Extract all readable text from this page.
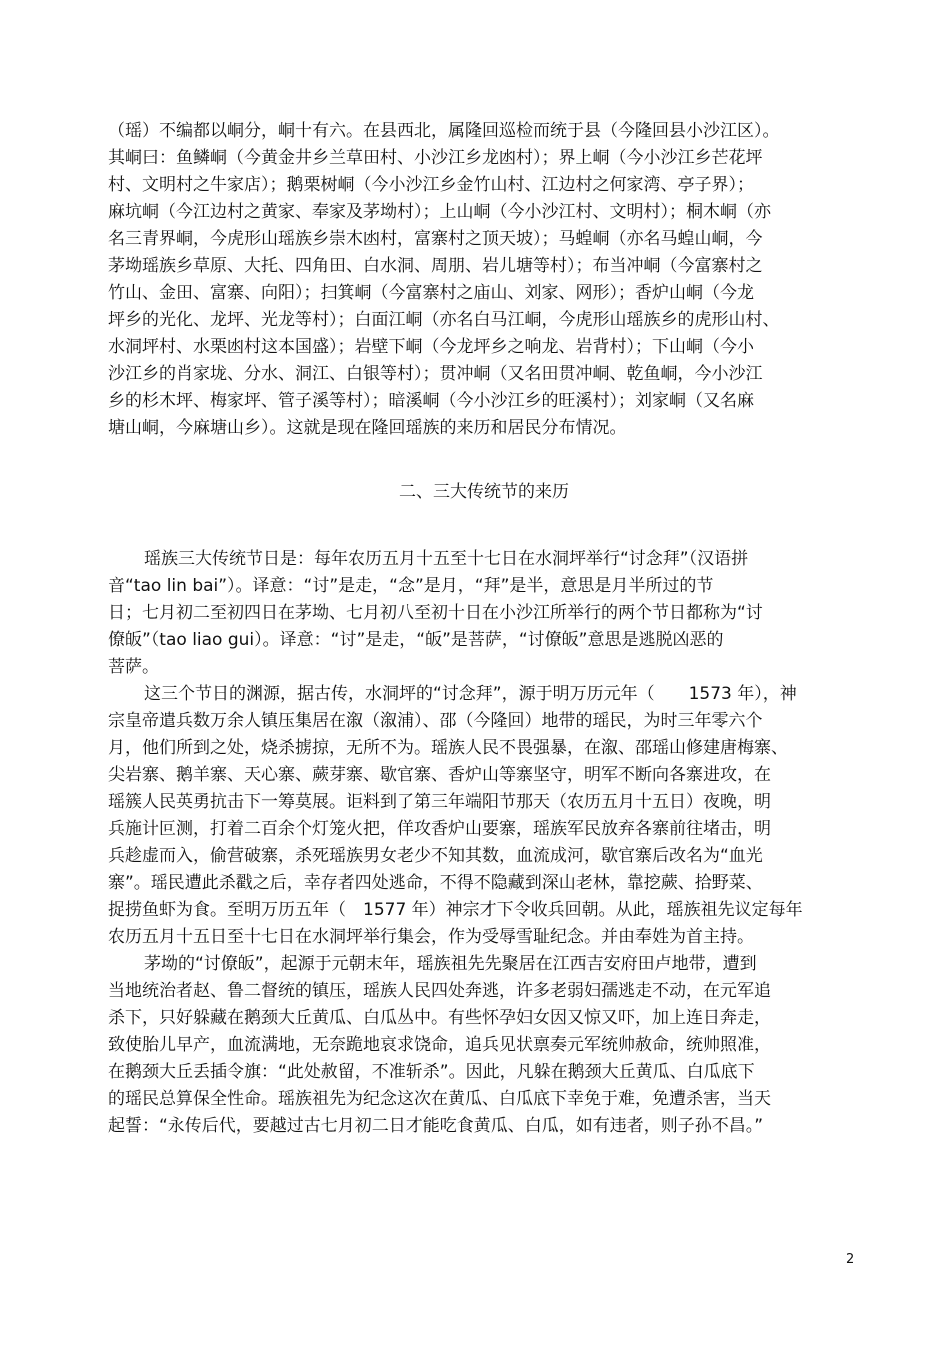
（瑶）不编都以峒分，峒十有六。在县西北，属隆回巡检而统于县（今隆回县小沙江区）。
其峒曰：鱼鳞峒（今黄金井乡兰草田村、小沙江乡龙凼村）；界上峒（今小沙江乡芒花坪
村、文明村之牛家店）；鹅栗树峒（今小沙江乡金竹山村、江边村之何家湾、亭子界）；
麻坑峒（今江边村之黄家、奉家及茅坳村）；上山峒（今小沙江村、文明村）；桐木峒（亦
名三青界峒，今虎形山瑶族乡崇木凼村，富寨村之顶天坡）；马蝗峒（亦名马蝗山峒，今
茅坳瑶族乡草原、大托、四角田、白水洞、周朋、岩儿塘等村）；布当冲峒（今富寨村之
竹山、金田、富寨、向阳）；扫箕峒（今富寨村之庙山、刘家、网形）；香炉山峒（今龙
坪乡的光化、龙坪、光龙等村）；白面江峒（亦名白马江峒，今虎形山瑶族乡的虎形山村、
水洞坪村、水栗凼村这本国盛）；岩壁下峒（今龙坪乡之响龙、岩背村）；下山峒（今小
沙江乡的肖家垅、分水、洞江、白银等村）；贯冲峒（又名田贯冲峒、乾鱼峒，今小沙江
乡的杉木坪、梅家坪、管子溪等村）；暗溪峒（今小沙江乡的旺溪村）；刘家峒（又名麻
塘山峒，今麻塘山乡）。这就是现在隆回瑶族的来历和居民分布情况。
二、三大传统节的来历
瑶族三大传统节日是：每年农历五月十五至十七日在水洞坪举行“讨念拜”（汉语拼
音“tao lin bai”）。译意：“讨”是走，“念”是月，“拜”是半，意思是月半所过的节
日；七月初二至初四日在茅坳、七月初八至初十日在小沙江所举行的两个节日都称为“讨
僚皈”（tao liao gui）。译意：“讨”是走，“皈”是菩萨，“讨僚皈”意思是逃脱凶恶的
菩萨。
这三个节日的渊源，据古传，水洞坪的“讨念拜”，源于明万历元年（　　1573 年），神
宗皇帝遣兵数万余人镇压集居在溆（溆浦）、邵（今隆回）地带的瑶民，为时三年零六个
月，他们所到之处，烧杀掳掠，无所不为。瑶族人民不畏强暴，在溆、邵瑶山修建唐梅寨、
尖岩寨、鹅羊寨、天心寨、蕨芽寨、歇官寨、香炉山等寨坚守，明军不断向各寨进攻，在
瑶簇人民英勇抗击下一筹莫展。讵料到了第三年端阳节那天（农历五月十五日）夜晚，明
兵施计叵测，打着二百余个灯笼火把，佯攻香炉山要寨，瑶族军民放弃各寨前往堵击，明
兵趁虚而入，偷营破寨，杀死瑶族男女老少不知其数，血流成河，歇官寨后改名为“血光
寨”。瑶民遭此杀戳之后，幸存者四处逃命，不得不隐藏到深山老林，靠挖蕨、拾野菜、
捉捞鱼虾为食。至明万历五年（　1577 年）神宗才下令收兵回朝。从此，瑶族祖先议定每年
农历五月十五日至十七日在水洞坪举行集会，作为受辱雪耻纪念。并由奉姓为首主持。
茅坳的“讨僚皈”，起源于元朝末年，瑶族祖先先聚居在江西吉安府田卢地带，遭到
当地统治者赵、鲁二督统的镇压，瑶族人民四处奔逃，许多老弱妇孺逃走不动，在元军追
杀下，只好躲藏在鹅颈大丘黄瓜、白瓜丛中。有些怀孕妇女因又惊又吓，加上连日奔走，
致使胎儿早产，血流满地，无奈跪地哀求饶命，追兵见状禀奏元军统帅赦命，统帅照准，
在鹅颈大丘丢插令旗：“此处赦留，不准斩杀”。因此，凡躲在鹅颈大丘黄瓜、白瓜底下
的瑶民总算保全性命。瑶族祖先为纪念这次在黄瓜、白瓜底下幸免于难，免遭杀害，当天
起誓：“永传后代，要越过古七月初二日才能吃食黄瓜、白瓜，如有违者，则子孙不昌。”
2
